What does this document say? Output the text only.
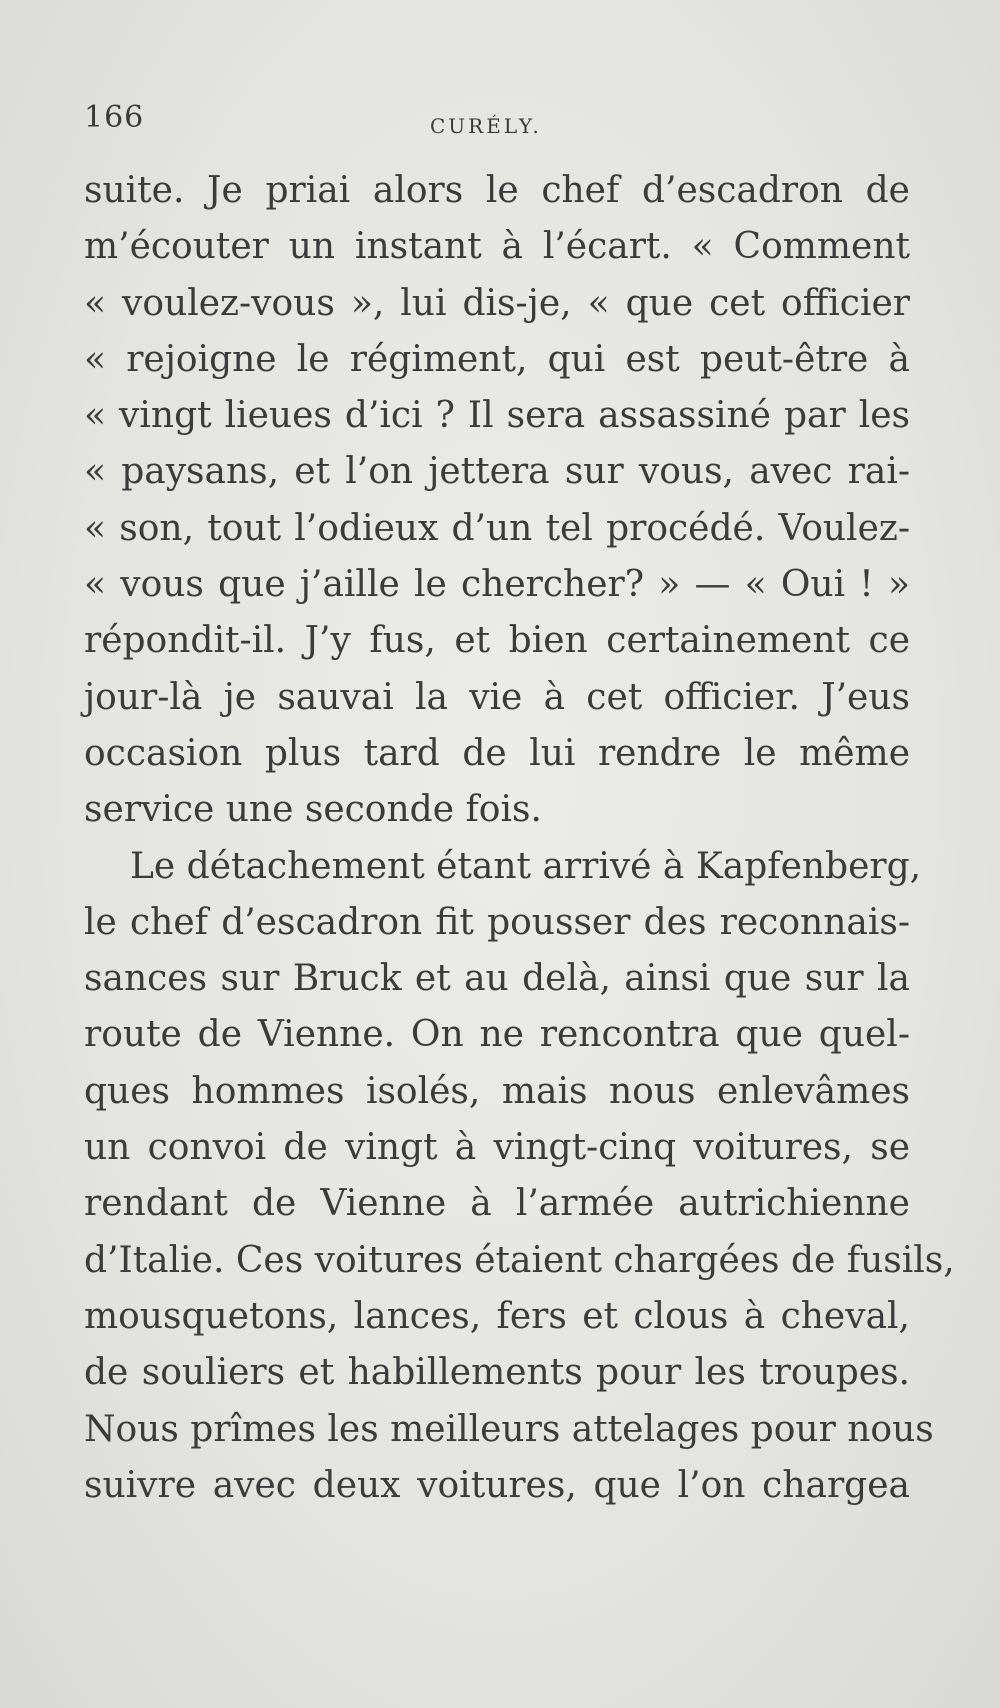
166	CURÉLY.
suite. Je priai alors le chef d’escadron de
m’écouter un instant à l’écart. « Comment
« voulez-vous », lui dis-je, « que cet officier
« rejoigne le régiment, qui est peut-être à
« vingt lieues d’ici ? Il sera assassiné par les
« paysans, et l’on jettera sur vous, avec rai-
« son, tout l’odieux d’un tel procédé. Voulez-
« vous que j’aille le chercher? » — « Oui ! »
répondit-il. J’y fus, et bien certainement ce
jour-là je sauvai la vie à cet officier. J’eus
occasion plus tard de lui rendre le même
service une seconde fois.
Le détachement étant arrivé à Kapfenberg,
le chef d’escadron fit pousser des reconnais-
sances sur Bruck et au delà, ainsi que sur la
route de Vienne. On ne rencontra que quel-
ques hommes isolés, mais nous enlevâmes
un convoi de vingt à vingt-cinq voitures, se
rendant de Vienne à l’armée autrichienne
d’Italie. Ces voitures étaient chargées de fusils,
mousquetons, lances, fers et clous à cheval,
de souliers et habillements pour les troupes.
Nous prîmes les meilleurs attelages pour nous
suivre avec deux voitures, que l’on chargea
